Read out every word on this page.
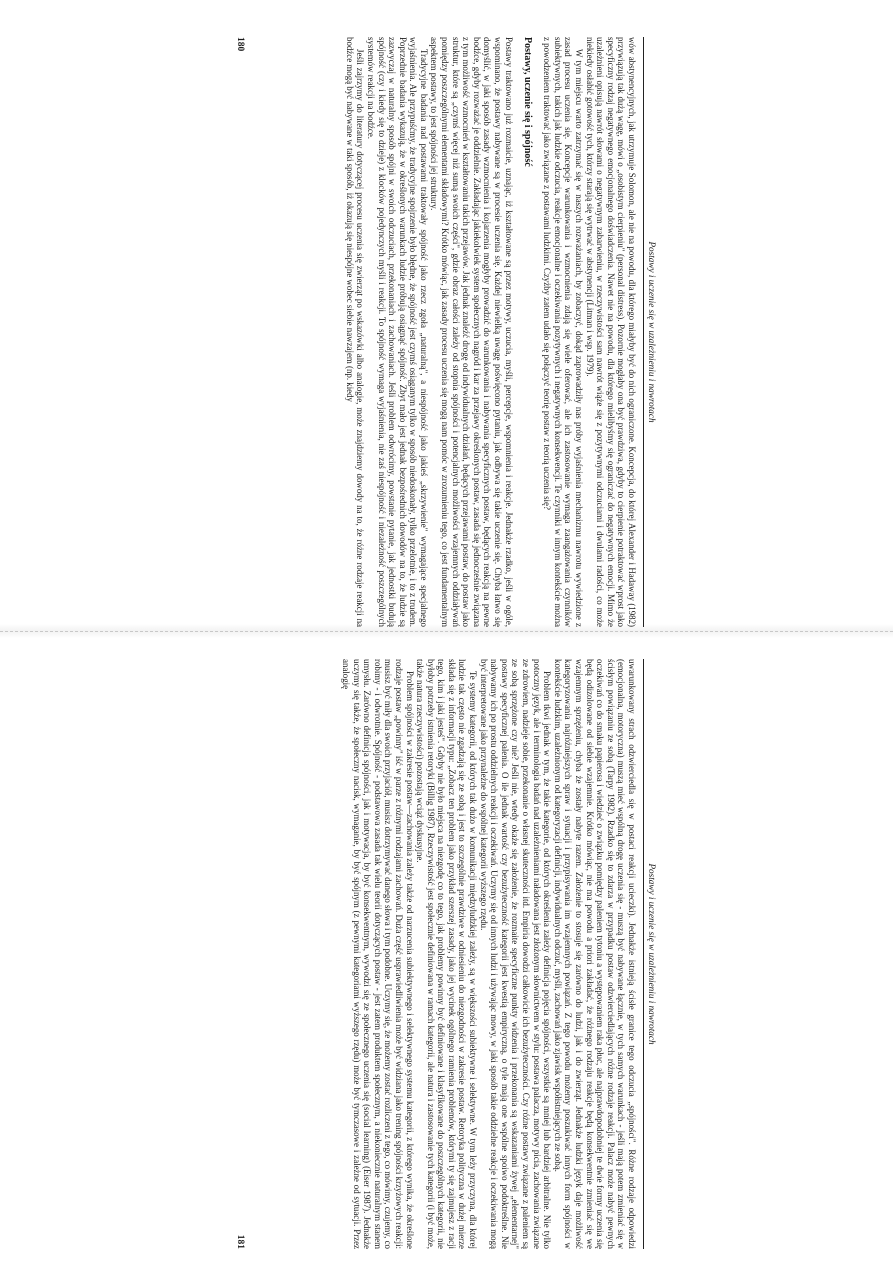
Postawy i uczenie się w uzależnieniu i nawrotach

wów abstynencyjnych, jak utrzymuje Solomon, ale nie na powodu, dla którego miałyby być do nich ograniczone. Koncepcja, do której Alexander i Hadaway (1982) przywiązują tak dużą wagę, mówi o „osobistym cierpieniu" (personal distress). Pozornie mogłaby ona być prawdziwa, gdyby to cierpienie potraktować wprost jako specyficzny rodzaj negatywnego emocjonalnego doświadczenia. Nawet nie na powodu, dla którego mielibyśmy się ograniczać do negatywnych emocji. Mimo że uzależnieni opisują nawrót słowami o negatywnym zabarwieniu, w rzeczywistości sam nawrót wiąże się z pozytywnymi odczuciami i dwulami radości, co może niekiedy osłabić gotowość tych, którzy starają się wytrwać w abstynencji (Litman i wsp. 1979).

W tym miejscu warto zatrzymać się w naszych rozważaniach, by zobaczyć, dokąd zaprowadziły nas próby wyjaśnienia mechanizmu nawrotu wywiedzione z zasad procesu uczenia się. Koncepcje warunkowania i wzmocnienia zdają się wiele oferować, ale ich zastosowanie wymaga zaangażowania czynników subiektywnych, takich jak ludzkie odczucia, reakcje emocjonalne i oczekiwania pozytywnych i negatywnych konsekwencji. Te czynniki w innym kontekście można z powodzeniem traktować jako związane z postawami ludzkimi. Czyżby zatem udało się połączyć teorię postaw z teorią uczenia się?

Postawy, uczenie się i spójność

Postawy traktowano już rozmaicie, uznając, iż kształtowane są przez motywy, uczucia, myśli, percepcje, wspomnienia i reakcje. Jednakże rzadko, jeśli w ogóle, wspominano, że postawy nabywane są w procesie uczenia się. Każdej niewielką uwagę poświęcono pytaniu, jak odbywa się takie uczenie się. Chyba łatwo się domyślić, w jaki sposób zasady wzmocnienia i kojarzenia mogłyby prowadzić do warunkowania i nabywania specyficznych postaw, będących reakcją na pewne bodźce, gdyby rozważać je oddzielnie. Zakładając jakiekolwiek system społecznych nagród i kar za przejawy określonych postaw, zasada się jednocześnie związana z tym możliwość wzmocnień w kształtowaniu takich przejawów. Jak jednak znaleźć drogę od indywidualnych działań, będących przejawami postaw, do postaw jako struktur, które są „czymś więcej niż sumą swoich części", gdzie obraz całości zależy od stopnia spójności i potencjalnych możliwości wzajemnych oddziaływań pomiędzy poszczególnymi elementami składowymi? Krótko mówiąc, jak zasady procesu uczenia się mogą nam pomóc w zrozumieniu tego, co jest fundamentalnym aspektem postawy, to jest spójności jej struktury.

Tradycyjne badania nad postawami traktowały spójność jako rzecz zgoła „naturalną", a niespójność jako jakieś „skrzywienie" wymagające specjalnego wyjaśnienia. Ale przypuśćmy, że tradycyjne spojrzenie było błędne, że spójność jest czymś osiąganym tylko w sposób niedoskonały, tylko przelotnie, i to z trudem. Poprzednie badania wykazują, że w określonych warunkach ludzie próbują osiągnąć spójność. Zbyt mało jest jednak bezpośrednich dowodów na to, że ludzie są zazwyczaj w naturalny sposób spójni w swoich odczuciach, przekonaniach i zachowaniach. Jeśli problem odwrócimy, powstanie pytanie, jak jednostki budują spójność (czy i kiedy się to dzieje) z klocków pojedynczych myśli i reakcji. To spójność wymaga wyjaśnienia, nie zaś niespójność i niezależność poszczególnych systemów reakcji na bodźce.

Jeśli zajrzymy do literatury dotyczącej procesu uczenia się zwierząt po wskazówki albo analogie, może znajdziemy dowody na to, że różne rodzaje reakcji na bodźce mogą być nabywane w taki sposób, iż okazują się niespójne wobec siebie nawzajem (np. kiedy

180
Postawy i uczenie się w uzależnieniu i nawrotach

uwarunkowany strach odzwierciedla się w postaci reakcji ucieczki). Jednakże istnieją ścisłe granice tego odczucia „spójności". Różne rodzaje odpowiedzi (emocjonalna, motoryczna) muszą mieć wspólną drogę uczenia się - muszą być nabywane łącznie, w tych samych warunkach - jeśli mają potem zmieniać się w ścisłym powiązaniu ze sobą (Tarpy 1982). Rzadko się to zdarza w przypadku postaw odzwierciedlających różne rodzaje reakcji. Palacz może nabyć pewnych oczekiwań co do smaku papierosa i wiedzieć o związku pomiędzy paleniem tytoniu a występowaniem raka płuc, ale najprawdopodobniej te dwie formy uczenia się będą odizolowane od siebie wzajemnie. Krótko mówiąc, nie ma powodu a priori zakładać, że różnego rodzaju reakcje będą konsekwentnie zmieniać się we wzajemnym sprzężeniu, chyba że zostały nabyte razem. Założenie to stosuje się zarówno do ludzi, jak i do zwierząt. Jednakże ludzki język daje możliwość kategoryzowania najróżniejszych spraw i sytuacji i przypisywania im wzajemnych powiązań. Z tego powodu możemy poszukiwać innych form spójności w kontekście ludzkim, uzależnionym od kategoryzacji definicji, indywidualnych odczuć, myśli, zachowań jako zjawisk współistniejących ze sobą.

Problem tkwi jednak w tym, że takie kategorie, od których określenia zależy definicja pojęcia spójności, wszystkie są mniej lub bardziej arbitralne. Nie tylko potoczny język, ale i terminologia badań nad uzależnieniami naładowana jest złożonym słownictwem w stylu: postawa palacza, motywy picia, zachowania związane ze zdrowiem, nadzieje sobie, przekonanie o własnej skuteczności itd. Empiria dowodzi całkowicie ich bezużyteczności. Czy różne postawy związane z paleniem są ze sobą sprzężone czy nie? Jeśli nie, wtedy okaże się założenie, że rozmaite specyficzne punkty widzenia i przekonania są wskazaniami żywej „elementarnej" postawy specyficznej palenia. O ile jednak wartość czy bezużyteczność kategorii jest kwestią empiryczną, o tyle mają one wspólne spoiwo podoktreślne. Nie nabywamy ich po prostu oddzielnych reakcji i oczekiwań. Uczymy się od innych ludzi i używając mowy, w jaki sposób takie oddzielne reakcje i oczekiwania mogą być interpretowane jako przynależne do wspólnej kategorii wyższego rzędu.

Te systemy kategorii, od których tak dużo w komunikacji międzyludzkiej zależy, są w większości subiektywne i selektywne. W tym leży przyczyna, dla której ludzie tak często nie zgadzają się ze sobą i jest to szczególnie prawdziwe w odniesieniu do niezgodności w zakresie postaw. Retoryka polityczna w dużej mierze składa się z informacji typu: „Zobacz ten problem jako przykład szerszej zasady, jako jej wycinek ogólnego ramienia problemów, którymi ty się zajmujesz z racji tego, kim i jaki jesteś". Gdyby nie było miejsca na niezgodę co to tego, jak problemy powinny być definiowane i klasyfikowane do poszczególnych kategorii, nie byłoby potrzeby istnienia retoryki (Billig 1987). Rzeczywistość jest społecznie definiowana w ramach kategorii, ale natura i zastosowanie tych kategorii (i być może, także natura rzeczywistości) pozostają wciąż dyskusyjne.

Problem spójności w zakresie postaw—zachowania zależy także od narzucenia subiektywnego i selektywnego systemu kategorii, z którego wynika, że określone rodzaje postaw „powinny" iść w parze z różnymi rodzajami zachowań. Duża część usprawiedliwienia może być widziana jako trening spójności krzyżowych reakcji: musisz być miły dla swoich przyjaciół, musisz dotrzymywać danego słowa i tym podobne. Uczymy się, że możemy zostać rozliczeni z tego, co mówimy, czujemy, co robimy - i odwrotnie. Spójność - podstawowa zasada tak wielu teorii dotyczących postaw - jest zatem produktem społecznym, a niekoniecznie naturalnym stanem umysłu. Zarówno definicja spójności, jak i motywacja, by być konsekwentnym, wywodzi się ze społecznego uczenia się (social learning) (Eiser 1987). Jednakże uczymy się także, że społeczny nacisk, wymaganie, by być spójnym (z pewnymi kategoriami wyższego rzędu) może być tymczasowe i zależne od sytuacji. Przez analogię

181
